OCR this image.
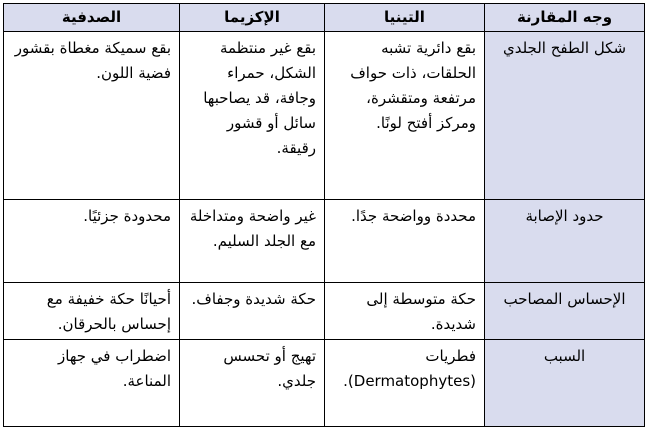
وجه المقارنة	التينيا	الإكزيما	الصدفية
شكل الطفح الجلدي	بقع دائرية تشبه الحلقات، ذات حواف مرتفعة ومتقشرة، ومركز أفتح لونًا.	بقع غير منتظمة الشكل، حمراء وجافة، قد يصاحبها سائل أو قشور رقيقة.	بقع سميكة مغطاة بقشور فضية اللون.
حدود الإصابة	محددة وواضحة جدًا.	غير واضحة ومتداخلة مع الجلد السليم.	محدودة جزئيًا.
الإحساس المصاحب	حكة متوسطة إلى شديدة.	حكة شديدة وجفاف.	أحيانًا حكة خفيفة مع إحساس بالحرقان.
السبب	فطريات (Dermatophytes).	تهيج أو تحسس جلدي.	اضطراب في جهاز المناعة.
